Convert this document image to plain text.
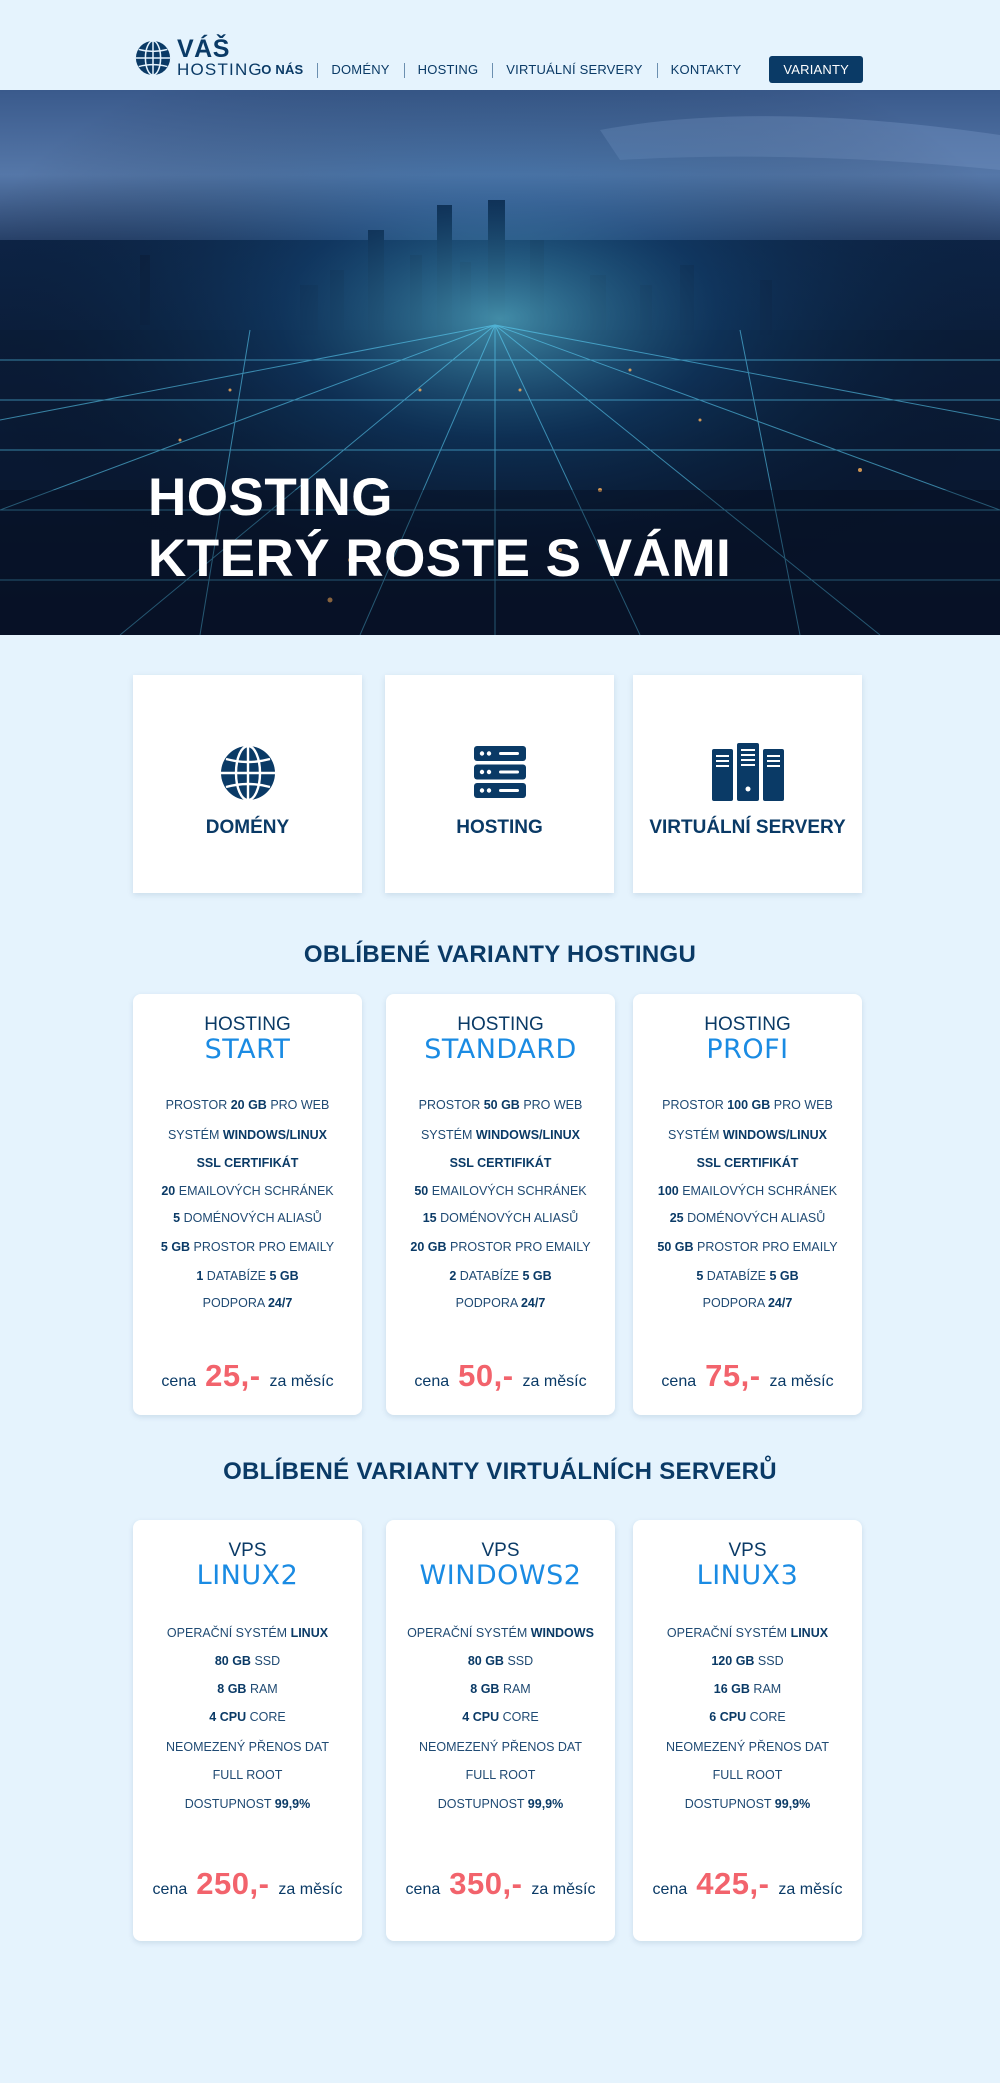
VÁŠ
HOSTING
O NÁS	DOMÉNY	HOSTING	VIRTUÁLNÍ SERVERY	KONTAKTY	VARIANTY
HOSTING
KTERÝ ROSTE S VÁMI
DOMÉNY	HOSTING	VIRTUÁLNÍ SERVERY
OBLÍBENÉ VARIANTY HOSTINGU
HOSTING
START
PROSTOR 20 GB PRO WEB
SYSTÉM WINDOWS/LINUX
SSL CERTIFIKÁT
20 EMAILOVÝCH SCHRÁNEK
5 DOMÉNOVÝCH ALIASŮ
5 GB PROSTOR PRO EMAILY
1 DATABÍZE 5 GB
PODPORA 24/7
cena 25,- za měsíc
HOSTING
STANDARD
PROSTOR 50 GB PRO WEB
SYSTÉM WINDOWS/LINUX
SSL CERTIFIKÁT
50 EMAILOVÝCH SCHRÁNEK
15 DOMÉNOVÝCH ALIASŮ
20 GB PROSTOR PRO EMAILY
2 DATABÍZE 5 GB
PODPORA 24/7
cena 50,- za měsíc
HOSTING
PROFI
PROSTOR 100 GB PRO WEB
SYSTÉM WINDOWS/LINUX
SSL CERTIFIKÁT
100 EMAILOVÝCH SCHRÁNEK
25 DOMÉNOVÝCH ALIASŮ
50 GB PROSTOR PRO EMAILY
5 DATABÍZE 5 GB
PODPORA 24/7
cena 75,- za měsíc
OBLÍBENÉ VARIANTY VIRTUÁLNÍCH SERVERŮ
VPS
LINUX2
OPERAČNÍ SYSTÉM LINUX
80 GB SSD
8 GB RAM
4 CPU CORE
NEOMEZENÝ PŘENOS DAT
FULL ROOT
DOSTUPNOST 99,9%
cena 250,- za měsíc
VPS
WINDOWS2
OPERAČNÍ SYSTÉM WINDOWS
80 GB SSD
8 GB RAM
4 CPU CORE
NEOMEZENÝ PŘENOS DAT
FULL ROOT
DOSTUPNOST 99,9%
cena 350,- za měsíc
VPS
LINUX3
OPERAČNÍ SYSTÉM LINUX
120 GB SSD
16 GB RAM
6 CPU CORE
NEOMEZENÝ PŘENOS DAT
FULL ROOT
DOSTUPNOST 99,9%
cena 425,- za měsíc
